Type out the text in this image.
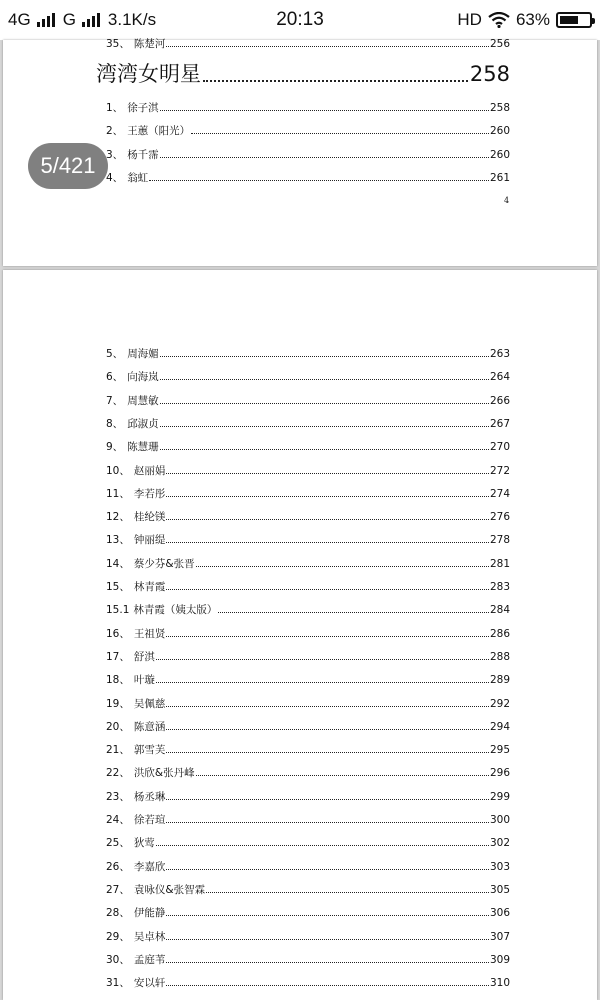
4G G 3.1K/s	20:13	HD 63%
35、 陈楚河	256
湾湾女明星	258
1、 徐子淇	258
2、 王蕙（阳光）	260
3、 杨千霈	260
4、 翁虹	261
4
5、 周海媚	263
6、 向海岚	264
7、 周慧敏	266
8、 邱淑贞	267
9、 陈慧珊	270
10、 赵丽娟	272
11、 李若彤	274
12、 桂纶镁	276
13、 钟丽缇	278
14、 蔡少芬&张晋	281
15、 林青霞	283
15.1 林青霞（姨太版）	284
16、 王祖贤	286
17、 舒淇	288
18、 叶璇	289
19、 吴佩慈	292
20、 陈意涵	294
21、 郭雪芙	295
22、 洪欣&张丹峰	296
23、 杨丞琳	299
24、 徐若瑄	300
25、 狄莺	302
26、 李嘉欣	303
27、 袁咏仪&张智霖	305
28、 伊能静	306
29、 吴卓林	307
30、 孟庭苇	309
31、 安以轩	310
5/421
